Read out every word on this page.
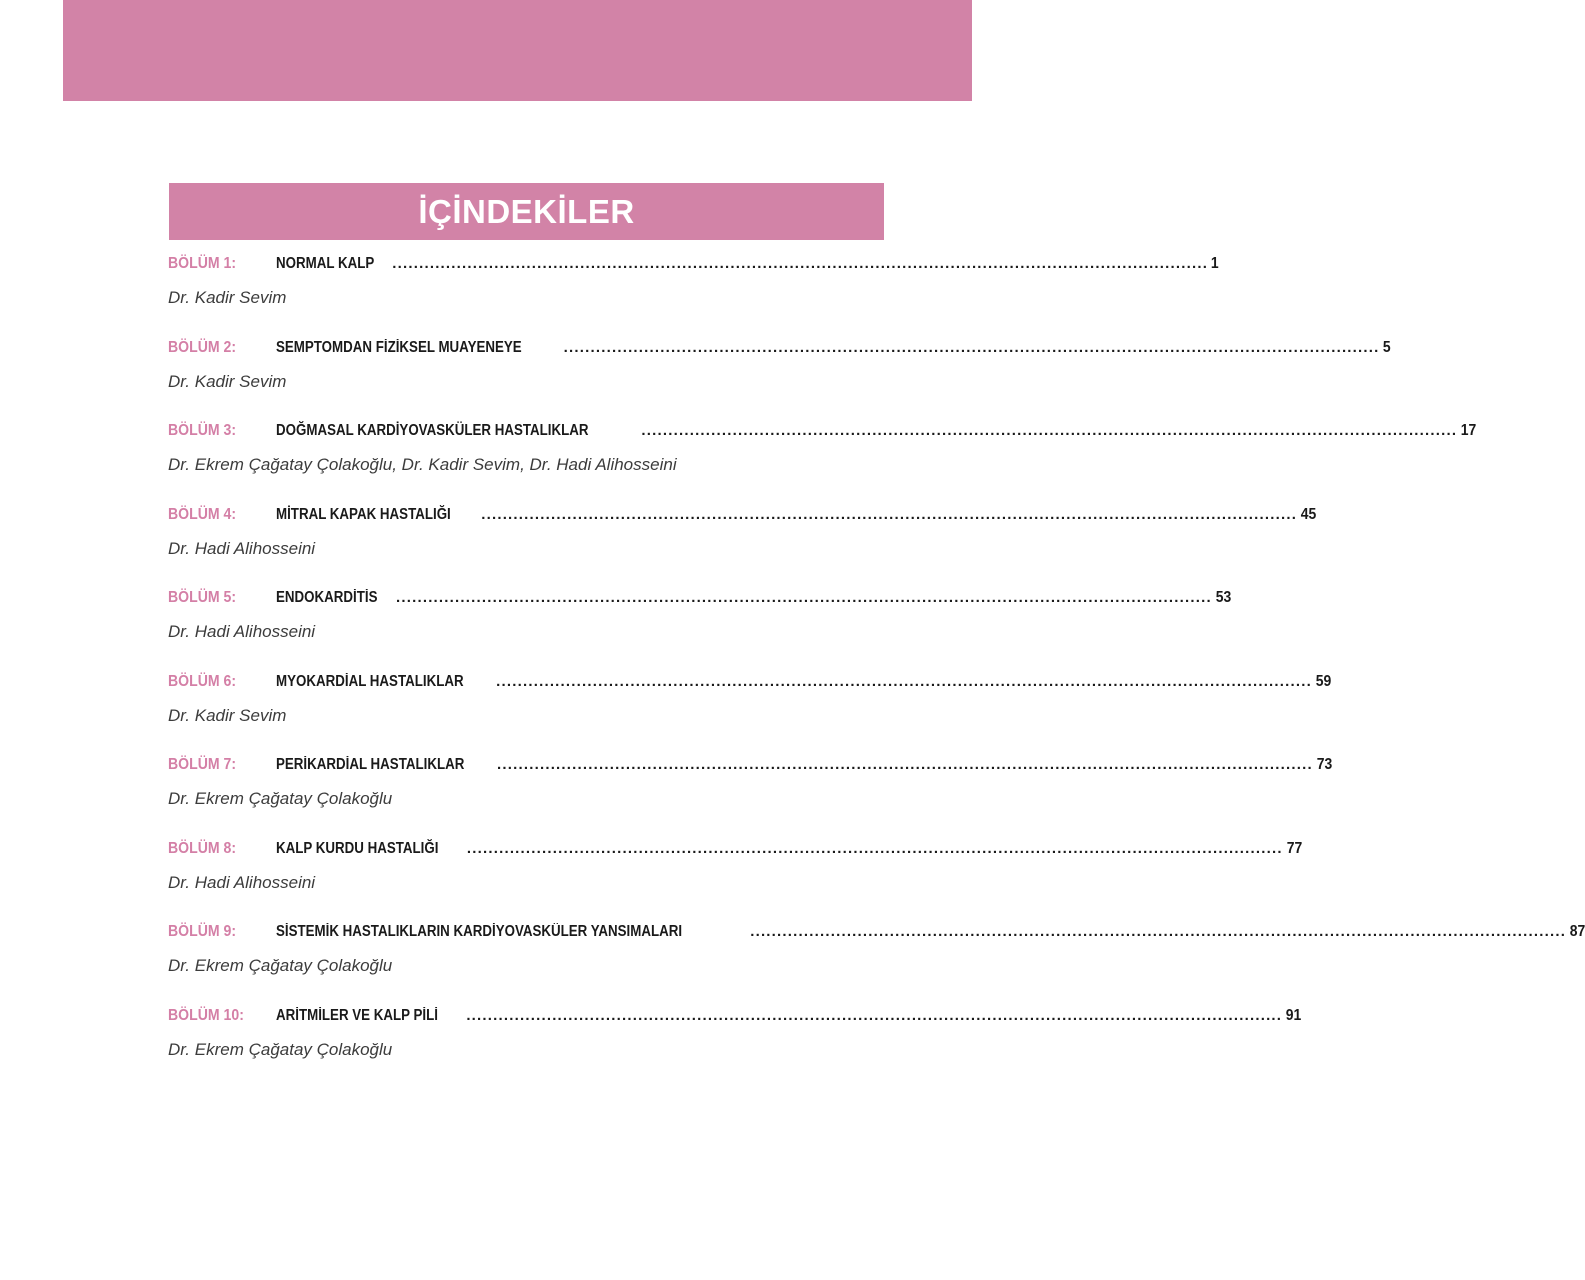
İÇİNDEKİLER
BÖLÜM 1:	NORMAL KALP ........................................................................................................................................................ 1
Dr. Kadir Sevim
BÖLÜM 2:	SEMPTOMDAN FİZİKSEL MUAYENEYE	........................................................................................................................................................ 5
Dr. Kadir Sevim
BÖLÜM 3:	DOĞMASAL KARDİYOVASKÜLER HASTALIKLAR	........................................................................................................................................................ 17
Dr. Ekrem Çağatay Çolakoğlu, Dr. Kadir Sevim, Dr. Hadi Alihosseini
BÖLÜM 4:	MİTRAL KAPAK HASTALIĞI ........................................................................................................................................................ 45
Dr. Hadi Alihosseini
BÖLÜM 5:	ENDOKARDİTİS ........................................................................................................................................................ 53
Dr. Hadi Alihosseini
BÖLÜM 6:	MYOKARDİAL HASTALIKLAR ........................................................................................................................................................ 59
Dr. Kadir Sevim
BÖLÜM 7:	PERİKARDİAL HASTALIKLAR ........................................................................................................................................................ 73
Dr. Ekrem Çağatay Çolakoğlu
BÖLÜM 8:	KALP KURDU HASTALIĞI ........................................................................................................................................................ 77
Dr. Hadi Alihosseini
BÖLÜM 9:	SİSTEMİK HASTALIKLARIN KARDİYOVASKÜLER YANSIMALARI	........................................................................................................................................................ 87
Dr. Ekrem Çağatay Çolakoğlu
BÖLÜM 10:	ARİTMİLER VE KALP PİLİ ........................................................................................................................................................ 91
Dr. Ekrem Çağatay Çolakoğlu
